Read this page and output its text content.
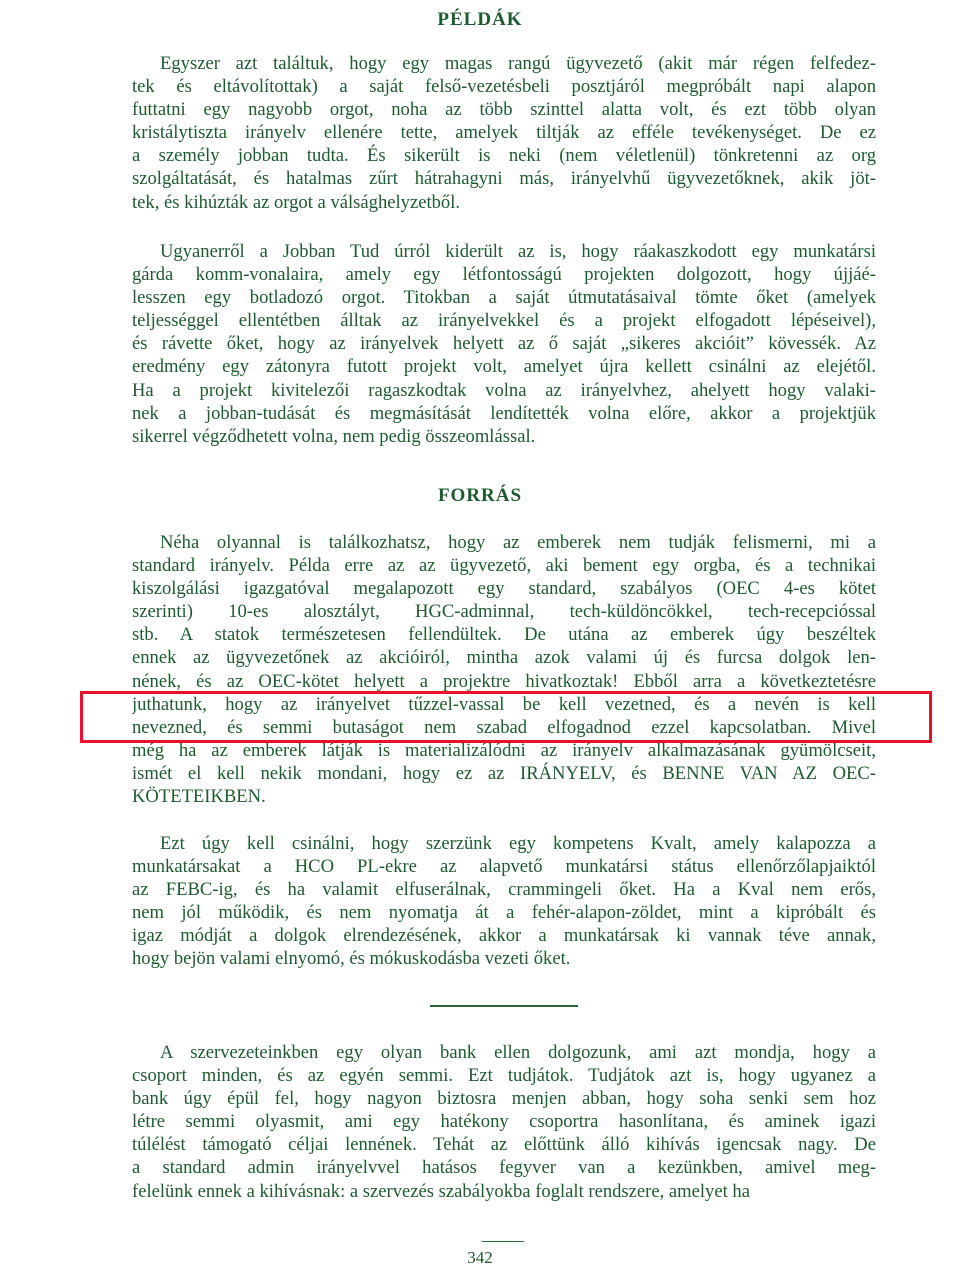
PÉLDÁK
Egyszer azt találtuk, hogy egy magas rangú ügyvezető (akit már régen felfedez-
tek és eltávolítottak) a saját felső-vezetésbeli posztjáról megpróbált napi alapon
futtatni egy nagyobb orgot, noha az több szinttel alatta volt, és ezt több olyan
kristálytiszta irányelv ellenére tette, amelyek tiltják az efféle tevékenységet. De ez
a személy jobban tudta. És sikerült is neki (nem véletlenül) tönkretenni az org
szolgáltatását, és hatalmas zűrt hátrahagyni más, irányelvhű ügyvezetőknek, akik jöt-
tek, és kihúzták az orgot a válsághelyzetből.
Ugyanerről a Jobban Tud úrról kiderült az is, hogy ráakaszkodott egy munkatársi
gárda komm-vonalaira, amely egy létfontosságú projekten dolgozott, hogy újjáé-
lesszen egy botladozó orgot. Titokban a saját útmutatásaival tömte őket (amelyek
teljességgel ellentétben álltak az irányelvekkel és a projekt elfogadott lépéseivel),
és rávette őket, hogy az irányelvek helyett az ő saját „sikeres akcióit” kövessék. Az
eredmény egy zátonyra futott projekt volt, amelyet újra kellett csinálni az elejétől.
Ha a projekt kivitelezői ragaszkodtak volna az irányelvhez, ahelyett hogy valaki-
nek a jobban-tudását és megmásítását lendítették volna előre, akkor a projektjük
sikerrel végződhetett volna, nem pedig összeomlással.
FORRÁS
Néha olyannal is találkozhatsz, hogy az emberek nem tudják felismerni, mi a
standard irányelv. Példa erre az az ügyvezető, aki bement egy orgba, és a technikai
kiszolgálási igazgatóval megalapozott egy standard, szabályos (OEC 4-es kötet
szerinti) 10-es alosztályt, HGC-adminnal, tech-küldöncökkel, tech-recepcióssal
stb. A statok természetesen fellendültek. De utána az emberek úgy beszéltek
ennek az ügyvezetőnek az akcióiról, mintha azok valami új és furcsa dolgok len-
nének, és az OEC-kötet helyett a projektre hivatkoztak! Ebből arra a következtetésre
juthatunk, hogy az irányelvet tűzzel-vassal be kell vezetned, és a nevén is kell
nevezned, és semmi butaságot nem szabad elfogadnod ezzel kapcsolatban. Mivel
még ha az emberek látják is materializálódni az irányelv alkalmazásának gyümölcseit,
ismét el kell nekik mondani, hogy ez az IRÁNYELV, és BENNE VAN AZ OEC-
KÖTETEIKBEN.
Ezt úgy kell csinálni, hogy szerzünk egy kompetens Kvalt, amely kalapozza a
munkatársakat a HCO PL-ekre az alapvető munkatársi státus ellenőrzőlapjaiktól
az FEBC-ig, és ha valamit elfuserálnak, crammingeli őket. Ha a Kval nem erős,
nem jól működik, és nem nyomatja át a fehér-alapon-zöldet, mint a kipróbált és
igaz módját a dolgok elrendezésének, akkor a munkatársak ki vannak téve annak,
hogy bejön valami elnyomó, és mókuskodásba vezeti őket.
A szervezeteinkben egy olyan bank ellen dolgozunk, ami azt mondja, hogy a
csoport minden, és az egyén semmi. Ezt tudjátok. Tudjátok azt is, hogy ugyanez a
bank úgy épül fel, hogy nagyon biztosra menjen abban, hogy soha senki sem hoz
létre semmi olyasmit, ami egy hatékony csoportra hasonlítana, és aminek igazi
túlélést támogató céljai lennének. Tehát az előttünk álló kihívás igencsak nagy. De
a standard admin irányelvvel hatásos fegyver van a kezünkben, amivel meg-
felelünk ennek a kihívásnak: a szervezés szabályokba foglalt rendszere, amelyet ha
342
